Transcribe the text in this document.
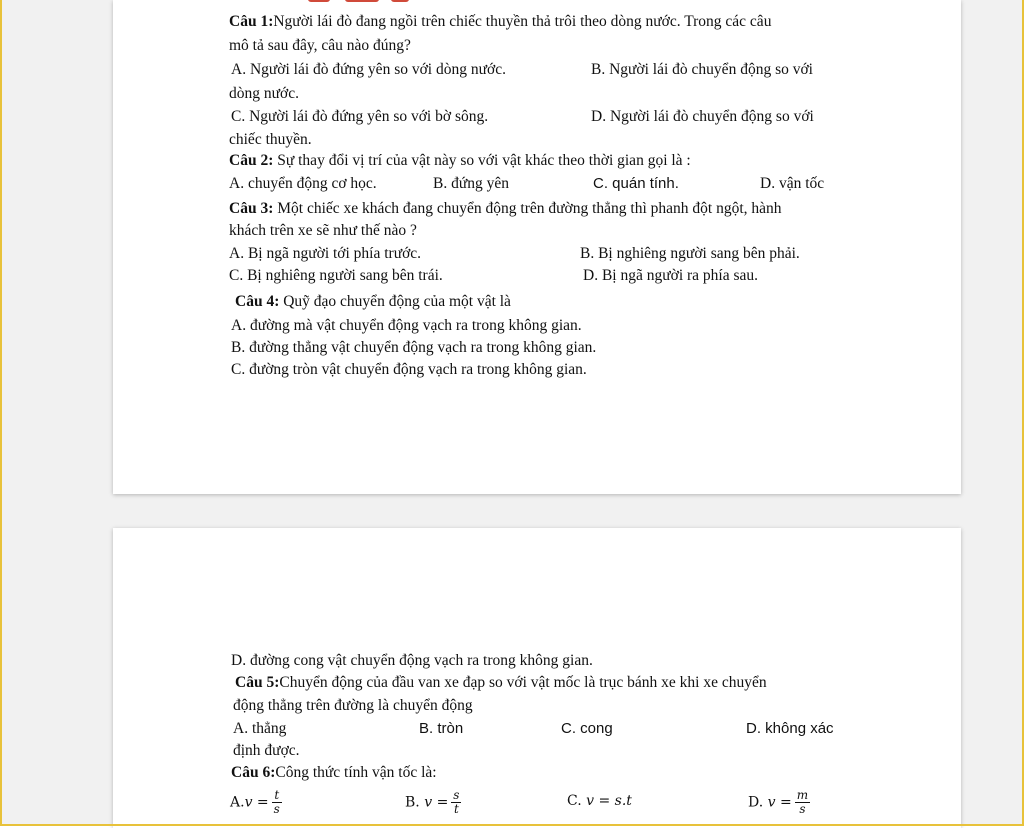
Câu 1:Người lái đò đang ngồi trên chiếc thuyền thả trôi theo dòng nước. Trong các câu
mô tả sau đây, câu nào đúng?
A. Người lái đò đứng yên so với dòng nước.	B. Người lái đò chuyển động so với
dòng nước.
C. Người lái đò đứng yên so với bờ sông.	D. Người lái đò chuyển động so với
chiếc thuyền.
Câu 2: Sự thay đổi vị trí của vật này so với vật khác theo thời gian gọi là :
A. chuyển động cơ học.	B. đứng yên	C. quán tính.	D. vận tốc
Câu 3: Một chiếc xe khách đang chuyển động trên đường thẳng thì phanh đột ngột, hành
khách trên xe sẽ như thế nào ?
A. Bị ngã người tới phía trước.	B. Bị nghiêng người sang bên phải.
C. Bị nghiêng người sang bên trái.	D. Bị ngã người ra phía sau.
Câu 4: Quỹ đạo chuyển động của một vật là
A. đường mà vật chuyển động vạch ra trong không gian.
B. đường thẳng vật chuyển động vạch ra trong không gian.
C. đường tròn vật chuyển động vạch ra trong không gian.
D. đường cong vật chuyển động vạch ra trong không gian.
Câu 5:Chuyển động của đầu van xe đạp so với vật mốc là trục bánh xe khi xe chuyển
động thẳng trên đường là chuyển động
A. thẳng	B. tròn	C. cong	D. không xác
định được.
Câu 6:Công thức tính vận tốc là:
$A.v = \frac{t}{s}$	B. $v = \frac{s}{t}$	C. v = s.t	D. $v = \frac{m}{s}$
